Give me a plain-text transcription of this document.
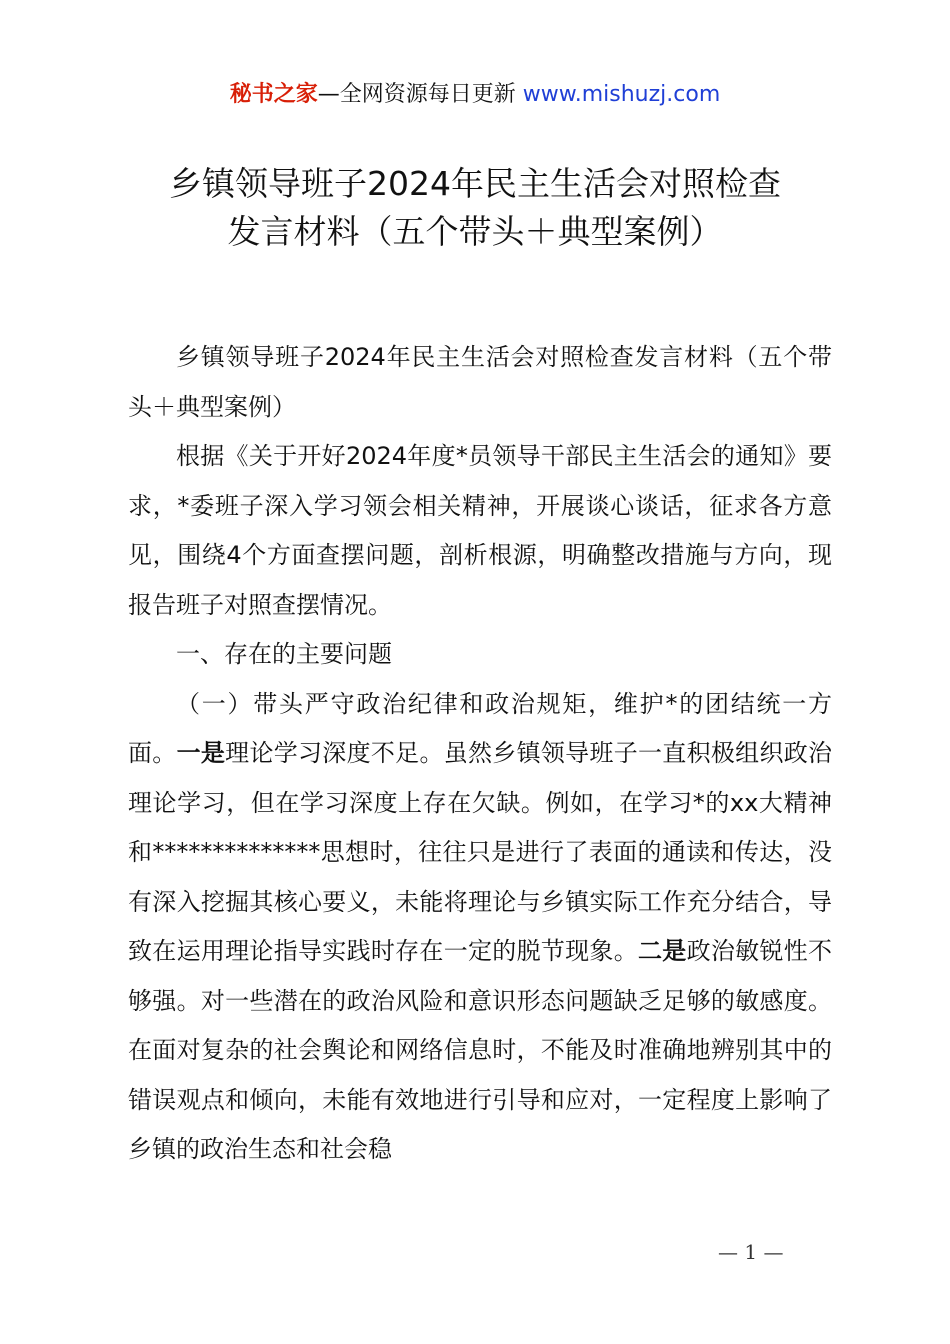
秘书之家—全网资源每日更新 www.mishuzj.com
乡镇领导班子2024年民主生活会对照检查
发言材料（五个带头＋典型案例）

乡镇领导班子2024年民主生活会对照检查发言材料（五个带头＋典型案例）

根据《关于开好2024年度*员领导干部民主生活会的通知》要求，*委班子深入学习领会相关精神，开展谈心谈话，征求各方意见，围绕4个方面查摆问题，剖析根源，明确整改措施与方向，现报告班子对照查摆情况。

一、存在的主要问题

（一）带头严守政治纪律和政治规矩，维护*的团结统一方面。一是理论学习深度不足。虽然乡镇领导班子一直积极组织政治理论学习，但在学习深度上存在欠缺。例如，在学习*的xx大精神和**************思想时，往往只是进行了表面的通读和传达，没有深入挖掘其核心要义，未能将理论与乡镇实际工作充分结合，导致在运用理论指导实践时存在一定的脱节现象。二是政治敏锐性不够强。对一些潜在的政治风险和意识形态问题缺乏足够的敏感度。在面对复杂的社会舆论和网络信息时，不能及时准确地辨别其中的错误观点和倾向，未能有效地进行引导和应对，一定程度上影响了乡镇的政治生态和社会稳

— 1 —
